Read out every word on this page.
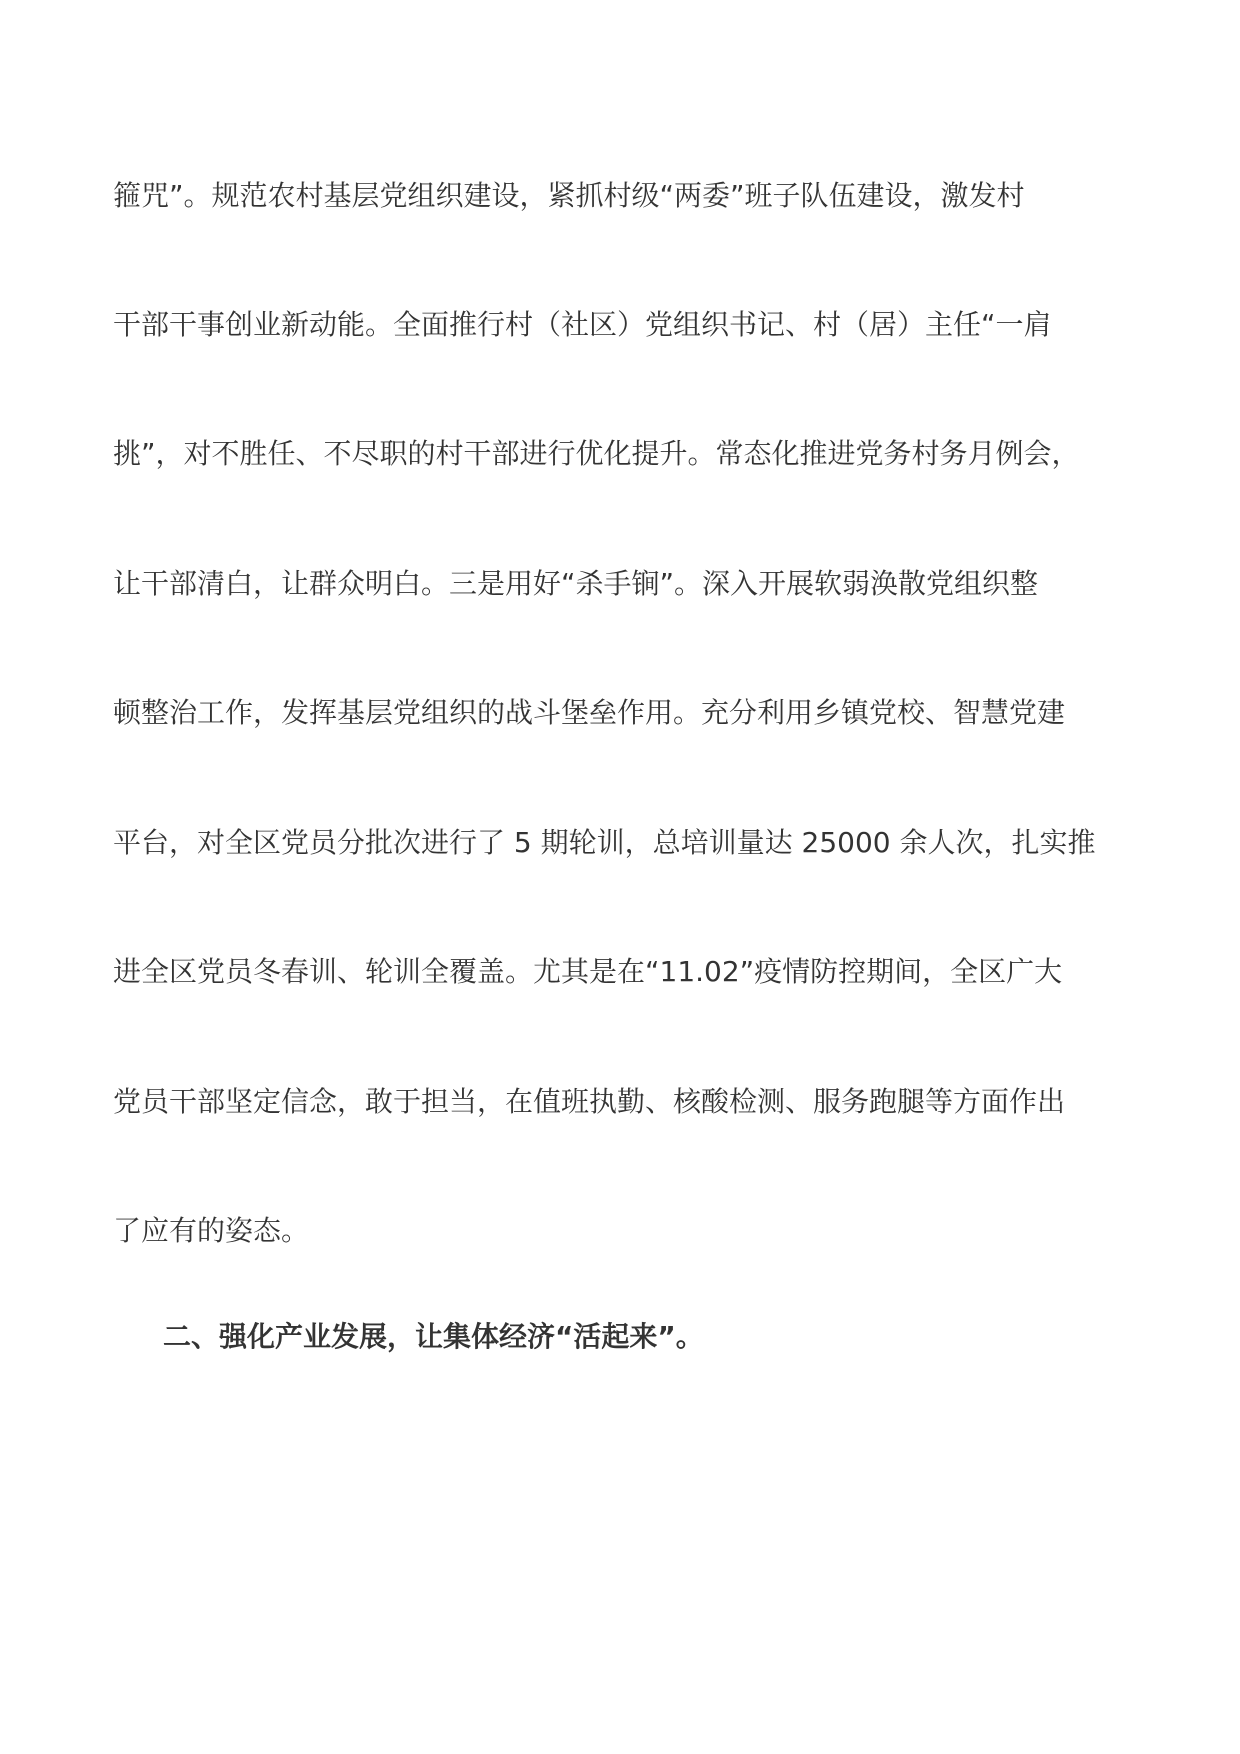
箍咒”。规范农村基层党组织建设，紧抓村级“两委”班子队伍建设，激发村
干部干事创业新动能。全面推行村（社区）党组织书记、村（居）主任“一肩
挑”，对不胜任、不尽职的村干部进行优化提升。常态化推进党务村务月例会，
让干部清白，让群众明白。三是用好“杀手锏”。深入开展软弱涣散党组织整
顿整治工作，发挥基层党组织的战斗堡垒作用。充分利用乡镇党校、智慧党建
平台，对全区党员分批次进行了 5 期轮训，总培训量达 25000 余人次，扎实推
进全区党员冬春训、轮训全覆盖。尤其是在“11.02”疫情防控期间，全区广大
党员干部坚定信念，敢于担当，在值班执勤、核酸检测、服务跑腿等方面作出
了应有的姿态。
二、强化产业发展，让集体经济“活起来”。
